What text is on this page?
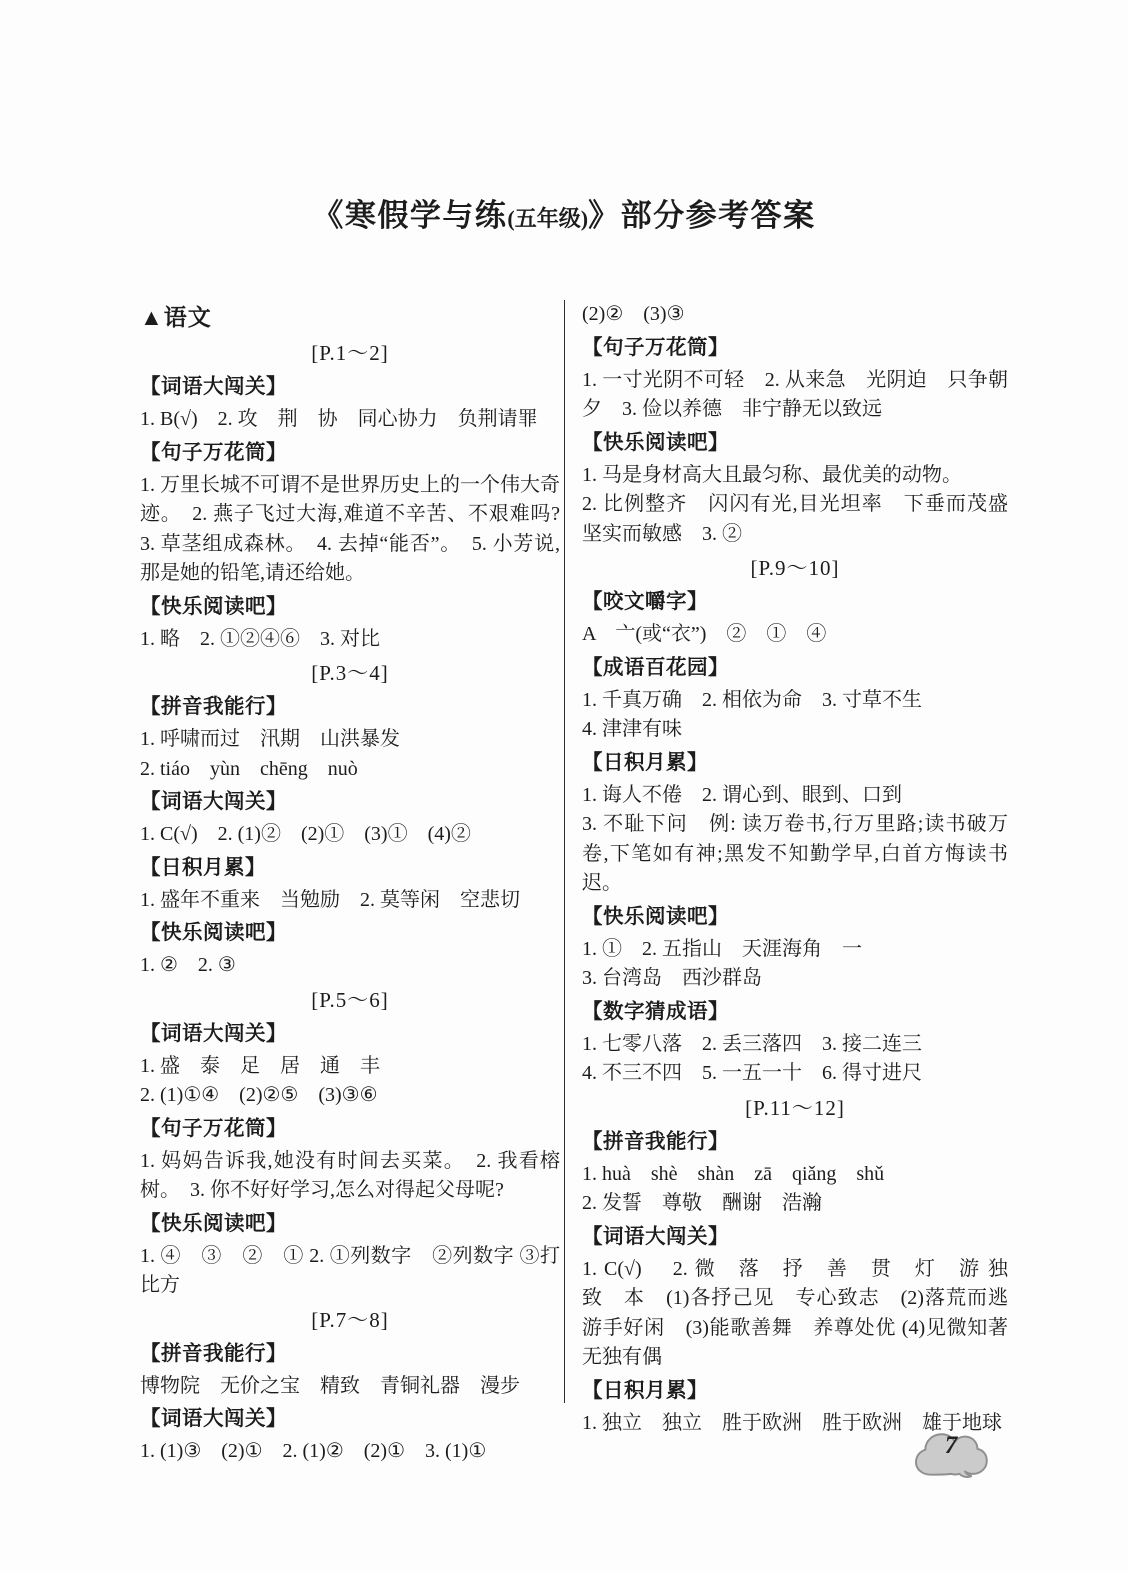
《寒假学与练(五年级)》部分参考答案
▲语文
[P.1～2]
【词语大闯关】
1. B(√)　2. 攻　荆　协　同心协力　负荆请罪
【句子万花筒】
1. 万里长城不可谓不是世界历史上的一个伟大奇迹。　2. 燕子飞过大海,难道不辛苦、不艰难吗? 3. 草茎组成森林。　4. 去掉“能否”。　5. 小芳说,那是她的铅笔,请还给她。
【快乐阅读吧】
1. 略　2. ①②④⑥　3. 对比
[P.3～4]
【拼音我能行】
1. 呼啸而过　汛期　山洪暴发
2. tiáo　yùn　chēng　nuò
【词语大闯关】
1. C(√)　2. (1)②　(2)①　(3)①　(4)②
【日积月累】
1. 盛年不重来　当勉励　2. 莫等闲　空悲切
【快乐阅读吧】
1. ②　2. ③
[P.5～6]
【词语大闯关】
1. 盛　泰　足　居　通　丰
2. (1)①④　(2)②⑤　(3)③⑥
【句子万花筒】
1. 妈妈告诉我,她没有时间去买菜。　2. 我看榕树。　3. 你不好好学习,怎么对得起父母呢?
【快乐阅读吧】
1. ④　③　②　① 2. ①列数字　②列数字 ③打比方
[P.7～8]
【拼音我能行】
博物院　无价之宝　精致　青铜礼器　漫步
【词语大闯关】
1. (1)③　(2)①　2. (1)②　(2)①　3. (1)①
(2)②　(3)③
【句子万花筒】
1. 一寸光阴不可轻　2. 从来急　光阴迫　只争朝夕　3. 俭以养德　非宁静无以致远
【快乐阅读吧】
1. 马是身材高大且最匀称、最优美的动物。
2. 比例整齐　闪闪有光,目光坦率　下垂而茂盛 坚实而敏感　3. ②
[P.9～10]
【咬文嚼字】
A　亠(或“衣”)　②　①　④
【成语百花园】
1. 千真万确　2. 相依为命　3. 寸草不生
4. 津津有味
【日积月累】
1. 诲人不倦　2. 谓心到、眼到、口到
3. 不耻下问　例: 读万卷书,行万里路;读书破万卷,下笔如有神;黑发不知勤学早,白首方悔读书迟。
【快乐阅读吧】
1. ①　2. 五指山　天涯海角　一
3. 台湾岛　西沙群岛
【数字猜成语】
1. 七零八落　2. 丢三落四　3. 接二连三
4. 不三不四　5. 一五一十　6. 得寸进尺
[P.11～12]
【拼音我能行】
1. huà　shè　shàn　zā　qiǎng　shǔ
2. 发誓　尊敬　酬谢　浩瀚
【词语大闯关】
1. C(√)　 2. 微　落　抒　善　贯　灯　游 独　致　本　(1)各抒己见　专心致志　(2)落荒而逃　游手好闲　(3)能歌善舞　养尊处优 (4)见微知著　无独有偶
【日积月累】
1. 独立　独立　胜于欧洲　胜于欧洲　雄于地球
7
